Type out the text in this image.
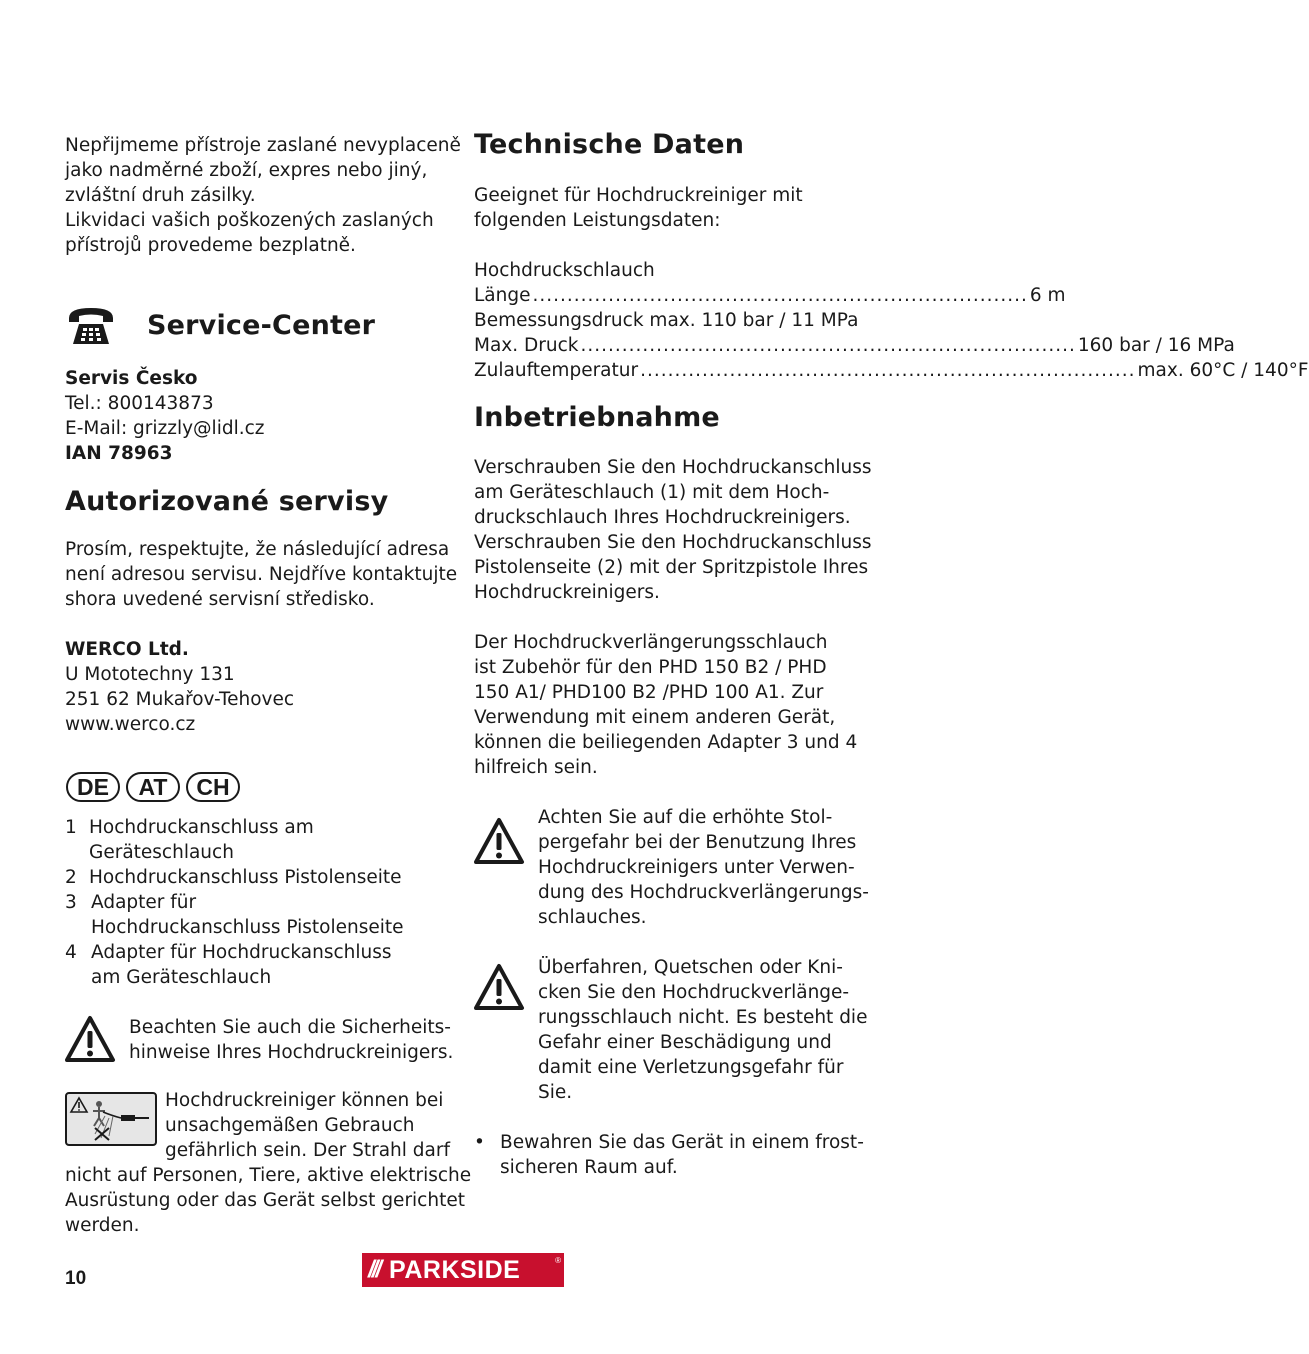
Nepřijmeme přístroje zaslané nevyplaceně
jako nadměrné zboží, expres nebo jiný,
zvláštní druh zásilky.
Likvidaci vašich poškozených zaslaných
přístrojů provedeme bezplatně.

Service-Center

Servis Česko
Tel.: 800143873
E-Mail: grizzly@lidl.cz
IAN 78963

Autorizované servisy

Prosím, respektujte, že následující adresa
není adresou servisu. Nejdříve kontaktujte
shora uvedené servisní středisko.

WERCO Ltd.
U Mototechny 131
251 62 Mukařov-Tehovec
www.werco.cz

DE	AT	CH
1 Hochdruckanschluss am
Geräteschlauch
2 Hochdruckanschluss Pistolenseite
3 Adapter für
Hochdruckanschluss Pistolenseite
4 Adapter für Hochdruckanschluss
am Geräteschlauch

Beachten Sie auch die Sicherheits-
hinweise Ihres Hochdruckreinigers.

Hochdruckreiniger können bei
unsachgemäßen Gebrauch
gefährlich sein. Der Strahl darf

nicht auf Personen, Tiere, aktive elektrische
Ausrüstung oder das Gerät selbst gerichtet
werden.

Technische Daten

Geeignet für Hochdruckreiniger mit
folgenden Leistungsdaten:

Hochdruckschlauch

Länge ........................................................................ 6 m
Bemessungsdruck max. 110 bar / 11 MPa
Max. Druck ........................................................................ 160 bar / 16 MPa
Zulauftemperatur ........................................................................ max. 60°C / 140°F
Inbetriebnahme

Verschrauben Sie den Hochdruckanschluss
am Geräteschlauch (1) mit dem Hoch-
druckschlauch Ihres Hochdruckreinigers.
Verschrauben Sie den Hochdruckanschluss
Pistolenseite (2) mit der Spritzpistole Ihres
Hochdruckreinigers.

Der Hochdruckverlängerungsschlauch
ist Zubehör für den PHD 150 B2 / PHD
150 A1/ PHD100 B2 /PHD 100 A1. Zur
Verwendung mit einem anderen Gerät,
können die beiliegenden Adapter 3 und 4
hilfreich sein.

Achten Sie auf die erhöhte Stol-
pergefahr bei der Benutzung Ihres
Hochdruckreinigers unter Verwen-
dung des Hochdruckverlängerungs-
schlauches.

Überfahren, Quetschen oder Kni-
cken Sie den Hochdruckverlänge-
rungsschlauch nicht. Es besteht die
Gefahr einer Beschädigung und
damit eine Verletzungsgefahr für
Sie.

• Bewahren Sie das Gerät in einem frost-
sicheren Raum auf.

10	/// PARKSIDE	®
